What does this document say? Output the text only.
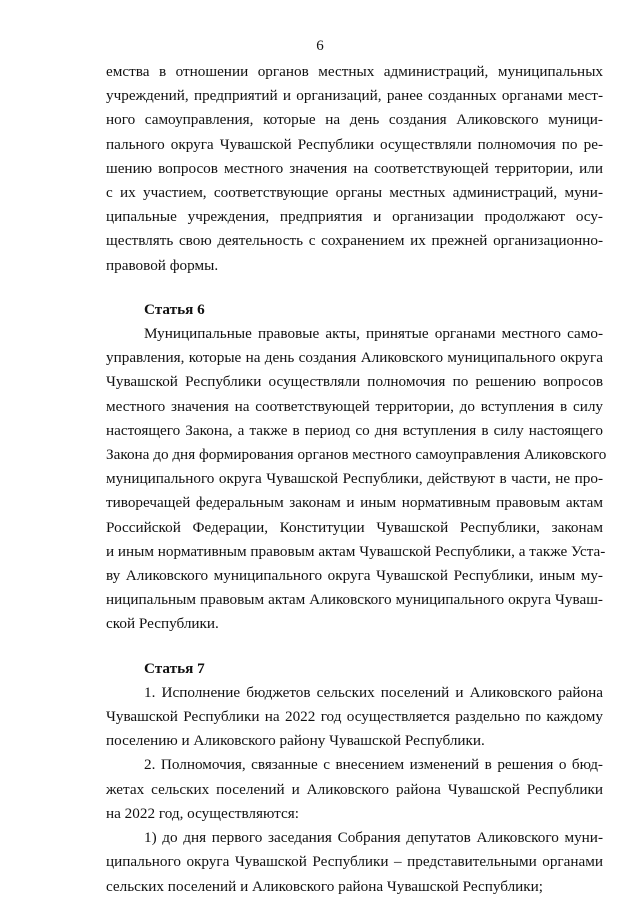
6
емства в отношении органов местных администраций, муниципальных
учреждений, предприятий и организаций, ранее созданных органами мест-
ного самоуправления, которые на день создания Аликовского муници-
пального округа Чувашской Республики осуществляли полномочия по ре-
шению вопросов местного значения на соответствующей территории, или
с их участием, соответствующие органы местных администраций, муни-
ципальные учреждения, предприятия и организации продолжают осу-
ществлять свою деятельность с сохранением их прежней организационно-
правовой формы.
Статья 6
Муниципальные правовые акты, принятые органами местного само-
управления, которые на день создания Аликовского муниципального округа
Чувашской Республики осуществляли полномочия по решению вопросов
местного значения на соответствующей территории, до вступления в силу
настоящего Закона, а также в период со дня вступления в силу настоящего
Закона до дня формирования органов местного самоуправления Аликовского
муниципального округа Чувашской Республики, действуют в части, не про-
тиворечащей федеральным законам и иным нормативным правовым актам
Российской Федерации, Конституции Чувашской Республики, законам
и иным нормативным правовым актам Чувашской Республики, а также Уста-
ву Аликовского муниципального округа Чувашской Республики, иным му-
ниципальным правовым актам Аликовского муниципального округа Чуваш-
ской Республики.
Статья 7
1. Исполнение бюджетов сельских поселений и Аликовского района
Чувашской Республики на 2022 год осуществляется раздельно по каждому
поселению и Аликовского району Чувашской Республики.
2. Полномочия, связанные с внесением изменений в решения о бюд-
жетах сельских поселений и Аликовского района Чувашской Республики
на 2022 год, осуществляются:
1) до дня первого заседания Собрания депутатов Аликовского муни-
ципального округа Чувашской Республики – представительными органами
сельских поселений и Аликовского района Чувашской Республики;
